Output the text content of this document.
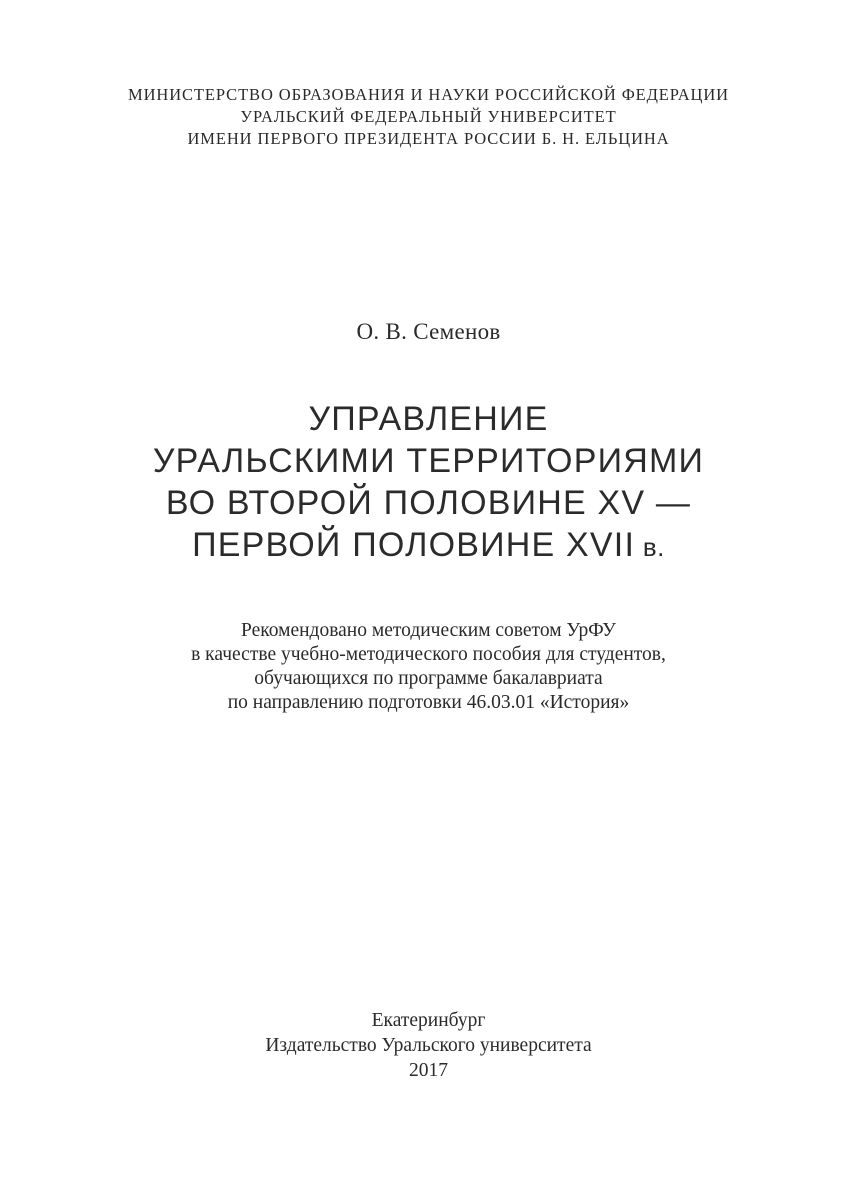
МИНИСТЕРСТВО ОБРАЗОВАНИЯ И НАУКИ РОССИЙСКОЙ ФЕДЕРАЦИИ
УРАЛЬСКИЙ ФЕДЕРАЛЬНЫЙ УНИВЕРСИТЕТ
ИМЕНИ ПЕРВОГО ПРЕЗИДЕНТА РОССИИ Б. Н. ЕЛЬЦИНА
О. В. Семенов
УПРАВЛЕНИЕ
УРАЛЬСКИМИ ТЕРРИТОРИЯМИ
ВО ВТОРОЙ ПОЛОВИНЕ XV —
ПЕРВОЙ ПОЛОВИНЕ XVII в.
Рекомендовано методическим советом УрФУ
в качестве учебно-методического пособия для студентов,
обучающихся по программе бакалавриата
по направлению подготовки 46.03.01 «История»
Екатеринбург
Издательство Уральского университета
2017
